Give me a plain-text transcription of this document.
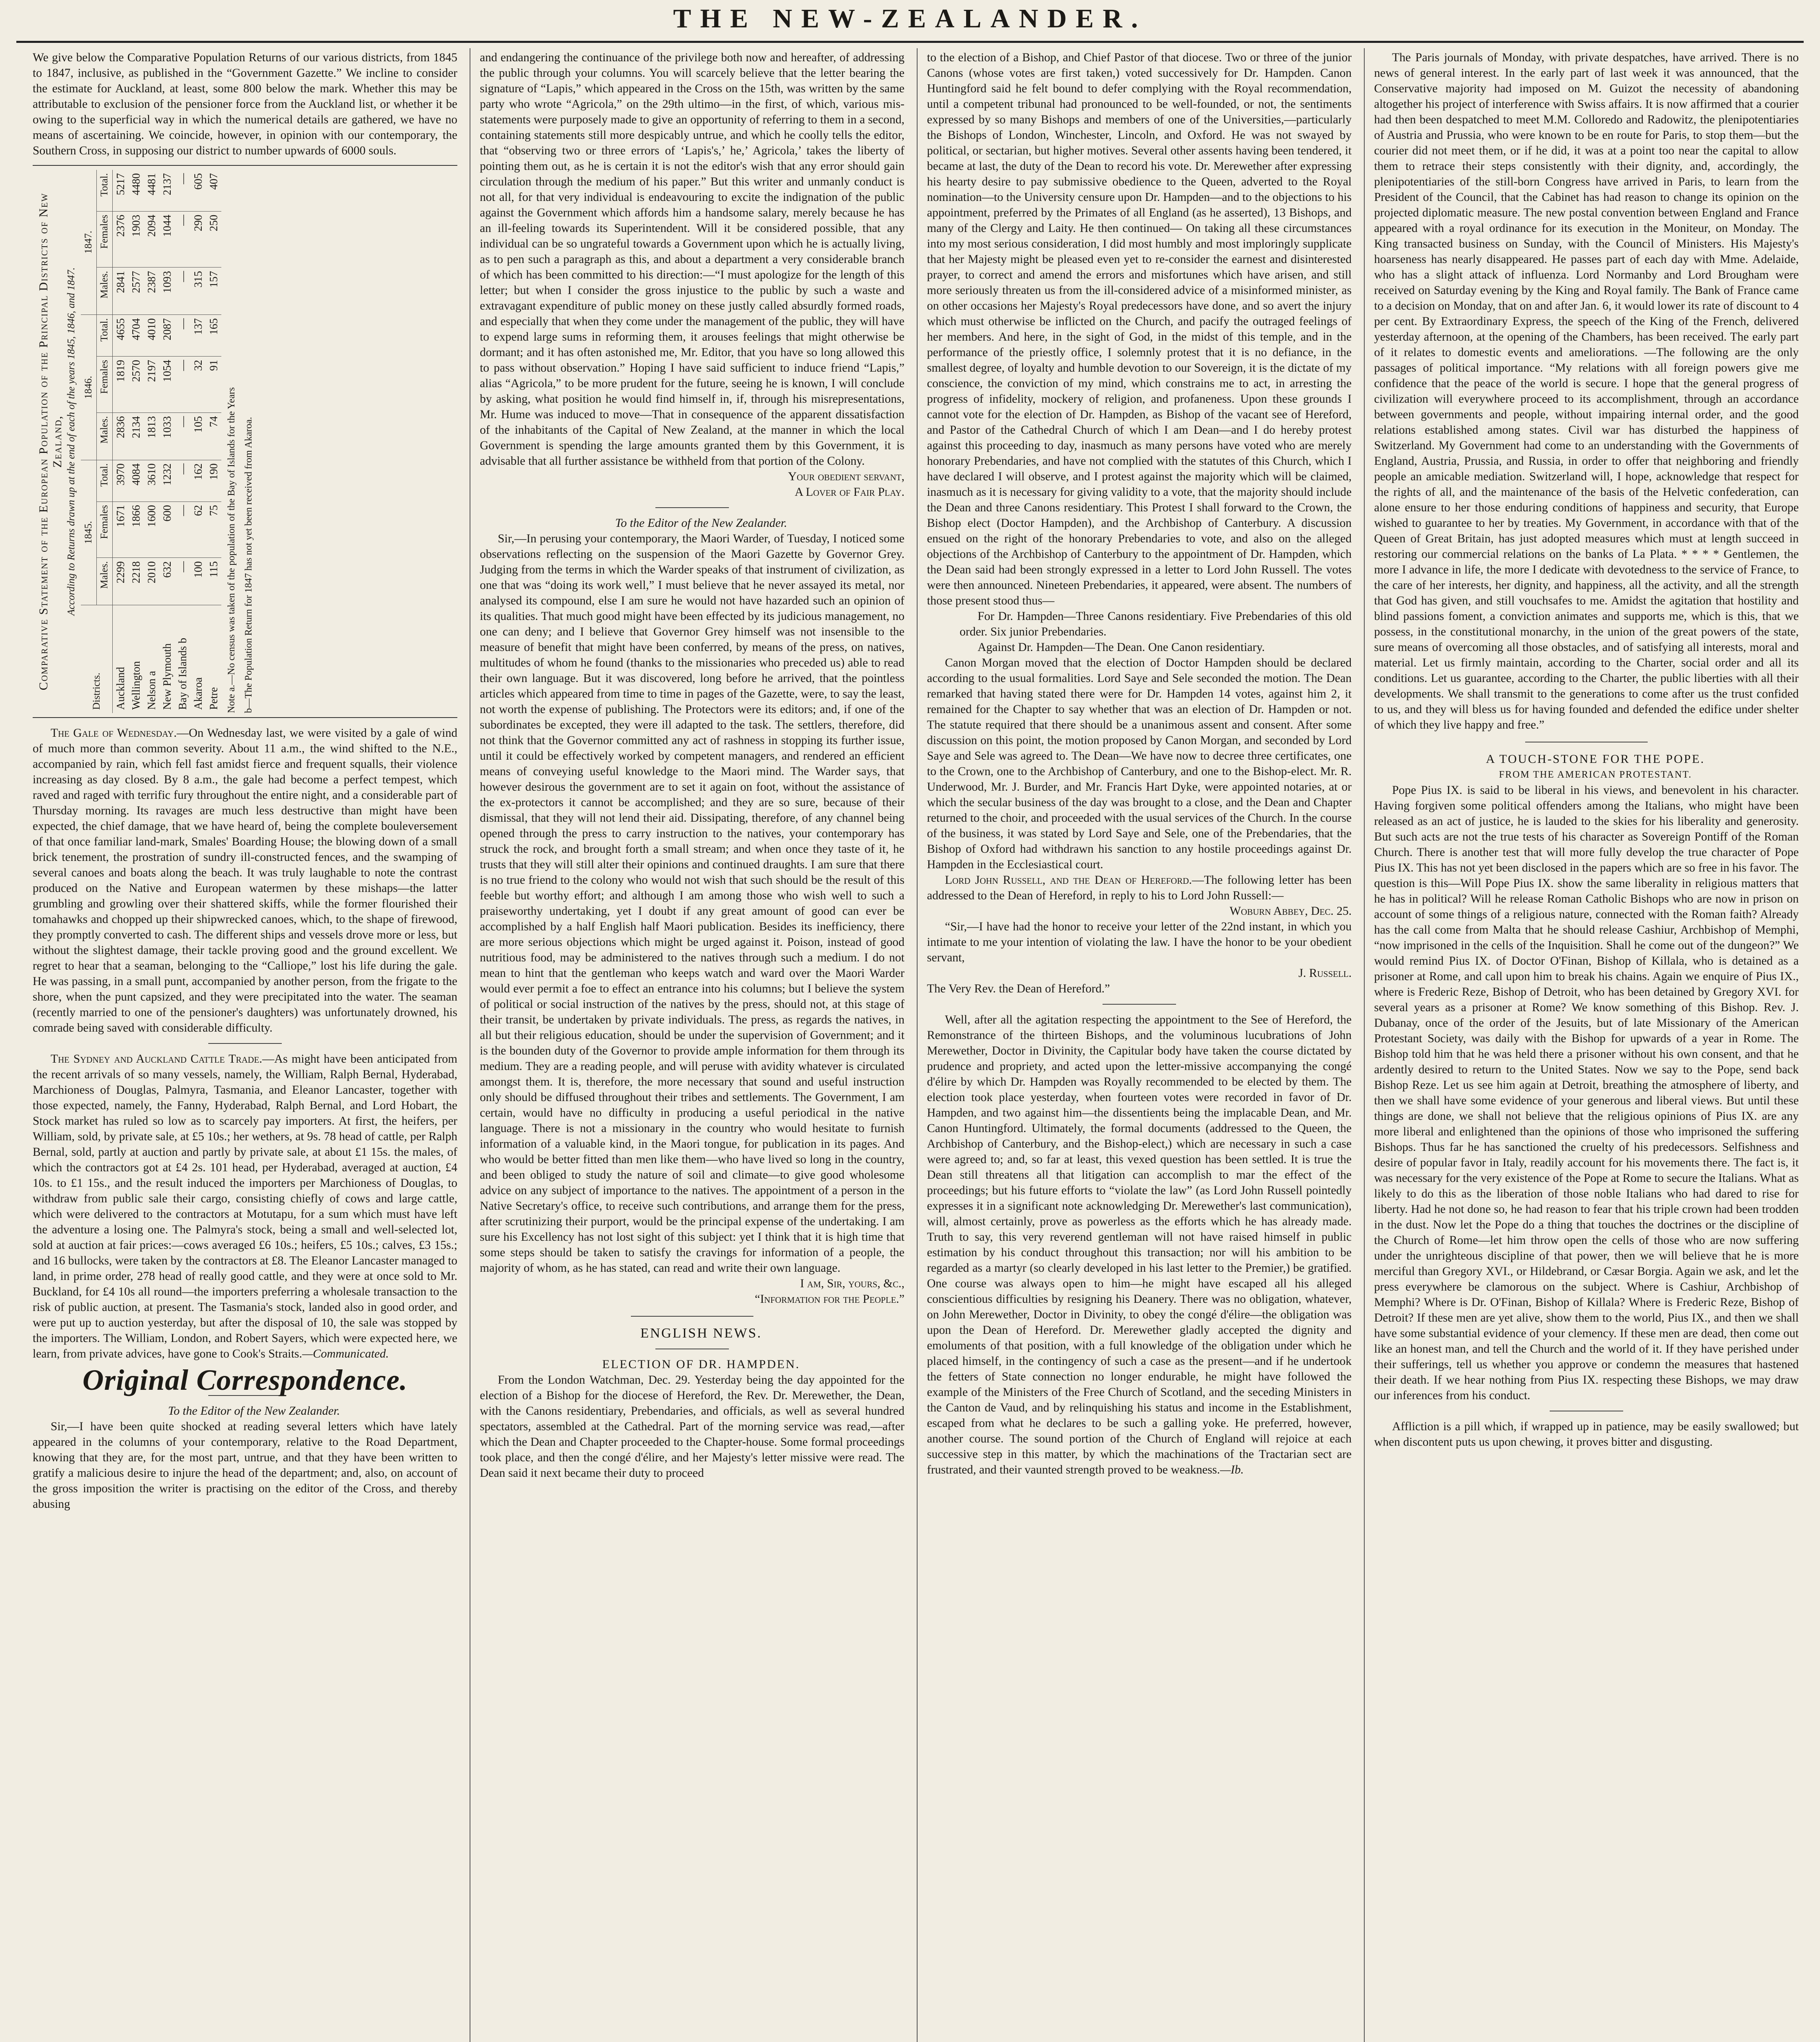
THE NEW-ZEALANDER.

We give below the Comparative Population Returns of our various districts, from 1845 to 1847, inclusive, as published in the “Government Gazette.” We incline to consider the estimate for Auckland, at least, some 800 below the mark. Whether this may be attributable to exclusion of the pensioner force from the Auckland list, or whether it be owing to the superficial way in which the numerical details are gathered, we have no means of ascertaining. We coincide, however, in opinion with our contemporary, the Southern Cross, in supposing our district to number upwards of 6000 souls.

Comparative Statement of the European Population of the Principal Districts of New Zealand, According to Returns drawn up at the end of each of the years 1845, 1846, and 1847.
Districts.	1845.			1846.			1847.		
	Males.	Females	Total.	Males.	Females	Total.	Males.	Females	Total.
Auckland	2299	1671	3970	2836	1819	4655	2841	2376	5217
Wellington	2218	1866	4084	2134	2570	4704	2577	1903	4480
Nelson a	2010	1600	3610	1813	2197	4010	2387	2094	4481
New Plymouth	632	600	1232	1033	1054	2087	1093	1044	2137
Bay of Islands b	—	—	—	—	—	—	—	—	—
Akaroa	100	62	162	105	32	137	315	290	605
Petre	115	75	190	74	91	165	157	250	407
Note a.—No census was taken of the population of the Bay of Islands for the Years b—The Population Return for 1847 has not yet been received from Akaroa.

The Gale of Wednesday.—On Wednesday last, we were visited by a gale of wind of much more than common severity. About 11 a.m., the wind shifted to the N.E., accompanied by rain, which fell fast amidst fierce and frequent squalls, their violence increasing as day closed. By 8 a.m., the gale had become a perfect tempest, which raved and raged with terrific fury throughout the entire night, and a considerable part of Thursday morning. Its ravages are much less destructive than might have been expected, the chief damage, that we have heard of, being the complete bouleversement of that once familiar land-mark, Smales' Boarding House; the blowing down of a small brick tenement, the prostration of sundry ill-constructed fences, and the swamping of several canoes and boats along the beach. It was truly laughable to note the contrast produced on the Native and European watermen by these mishaps—the latter grumbling and growling over their shattered skiffs, while the former flourished their tomahawks and chopped up their shipwrecked canoes, which, to the shape of firewood, they promptly converted to cash. The different ships and vessels drove more or less, but without the slightest damage, their tackle proving good and the ground excellent. We regret to hear that a seaman, belonging to the “Calliope,” lost his life during the gale. He was passing, in a small punt, accompanied by another person, from the frigate to the shore, when the punt capsized, and they were precipitated into the water. The seaman (recently married to one of the pensioner's daughters) was unfortunately drowned, his comrade being saved with considerable difficulty.

The Sydney and Auckland Cattle Trade.—As might have been anticipated from the recent arrivals of so many vessels, namely, the William, Ralph Bernal, Hyderabad, Marchioness of Douglas, Palmyra, Tasmania, and Eleanor Lancaster, together with those expected, namely, the Fanny, Hyderabad, Ralph Bernal, and Lord Hobart, the Stock market has ruled so low as to scarcely pay importers. At first, the heifers, per William, sold, by private sale, at £5 10s.; her wethers, at 9s. 78 head of cattle, per Ralph Bernal, sold, partly at auction and partly by private sale, at about £1 15s. the males, of which the contractors got at £4 2s. 101 head, per Hyderabad, averaged at auction, £4 10s. to £1 15s., and the result induced the importers per Marchioness of Douglas, to withdraw from public sale their cargo, consisting chiefly of cows and large cattle, which were delivered to the contractors at Motutapu, for a sum which must have left the adventure a losing one. The Palmyra's stock, being a small and well-selected lot, sold at auction at fair prices:—cows averaged £6 10s.; heifers, £5 10s.; calves, £3 15s.; and 16 bullocks, were taken by the contractors at £8. The Eleanor Lancaster managed to land, in prime order, 278 head of really good cattle, and they were at once sold to Mr. Buckland, for £4 10s all round—the importers preferring a wholesale transaction to the risk of public auction, at present. The Tasmania's stock, landed also in good order, and were put up to auction yesterday, but after the disposal of 10, the sale was stopped by the importers. The William, London, and Robert Sayers, which were expected here, we learn, from private advices, have gone to Cook's Straits.—Communicated.

Original Correspondence.

To the Editor of the New Zealander.

Sir,—I have been quite shocked at reading several letters which have lately appeared in the columns of your contemporary, relative to the Road Department, knowing that they are, for the most part, untrue, and that they have been written to gratify a malicious desire to injure the head of the department; and, also, on account of the gross imposition the writer is practising on the editor of the Cross, and thereby abusing

and endangering the continuance of the privilege both now and hereafter, of addressing the public through your columns. You will scarcely believe that the letter bearing the signature of “Lapis,” which appeared in the Cross on the 15th, was written by the same party who wrote “Agricola,” on the 29th ultimo—in the first, of which, various mis-statements were purposely made to give an opportunity of referring to them in a second, containing statements still more despicably untrue, and which he coolly tells the editor, that “observing two or three errors of ‘Lapis's,’ he,’ Agricola,’ takes the liberty of pointing them out, as he is certain it is not the editor's wish that any error should gain circulation through the medium of his paper.” But this writer and unmanly conduct is not all, for that very individual is endeavouring to excite the indignation of the public against the Government which affords him a handsome salary, merely because he has an ill-feeling towards its Superintendent. Will it be considered possible, that any individual can be so ungrateful towards a Government upon which he is actually living, as to pen such a paragraph as this, and about a department a very considerable branch of which has been committed to his direction:—“I must apologize for the length of this letter; but when I consider the gross injustice to the public by such a waste and extravagant expenditure of public money on these justly called absurdly formed roads, and especially that when they come under the management of the public, they will have to expend large sums in reforming them, it arouses feelings that might otherwise be dormant; and it has often astonished me, Mr. Editor, that you have so long allowed this to pass without observation.” Hoping I have said sufficient to induce friend “Lapis,” alias “Agricola,” to be more prudent for the future, seeing he is known, I will conclude by asking, what position he would find himself in, if, through his misrepresentations, Mr. Hume was induced to move—That in consequence of the apparent dissatisfaction of the inhabitants of the Capital of New Zealand, at the manner in which the local Government is spending the large amounts granted them by this Government, it is advisable that all further assistance be withheld from that portion of the Colony.

Your obedient servant,

A Lover of Fair Play.

To the Editor of the New Zealander.

Sir,—In perusing your contemporary, the Maori Warder, of Tuesday, I noticed some observations reflecting on the suspension of the Maori Gazette by Governor Grey. Judging from the terms in which the Warder speaks of that instrument of civilization, as one that was “doing its work well,” I must believe that he never assayed its metal, nor analysed its compound, else I am sure he would not have hazarded such an opinion of its qualities. That much good might have been effected by its judicious management, no one can deny; and I believe that Governor Grey himself was not insensible to the measure of benefit that might have been conferred, by means of the press, on natives, multitudes of whom he found (thanks to the missionaries who preceded us) able to read their own language. But it was discovered, long before he arrived, that the pointless articles which appeared from time to time in pages of the Gazette, were, to say the least, not worth the expense of publishing. The Protectors were its editors; and, if one of the subordinates be excepted, they were ill adapted to the task. The settlers, therefore, did not think that the Governor committed any act of rashness in stopping its further issue, until it could be effectively worked by competent managers, and rendered an efficient means of conveying useful knowledge to the Maori mind. The Warder says, that however desirous the government are to set it again on foot, without the assistance of the ex-protectors it cannot be accomplished; and they are so sure, because of their dismissal, that they will not lend their aid. Dissipating, therefore, of any channel being opened through the press to carry instruction to the natives, your contemporary has struck the rock, and brought forth a small stream; and when once they taste of it, he trusts that they will still alter their opinions and continued draughts. I am sure that there is no true friend to the colony who would not wish that such should be the result of this feeble but worthy effort; and although I am among those who wish well to such a praiseworthy undertaking, yet I doubt if any great amount of good can ever be accomplished by a half English half Maori publication. Besides its inefficiency, there are more serious objections which might be urged against it. Poison, instead of good nutritious food, may be administered to the natives through such a medium. I do not mean to hint that the gentleman who keeps watch and ward over the Maori Warder would ever permit a foe to effect an entrance into his columns; but I believe the system of political or social instruction of the natives by the press, should not, at this stage of their transit, be undertaken by private individuals. The press, as regards the natives, in all but their religious education, should be under the supervision of Government; and it is the bounden duty of the Governor to provide ample information for them through its medium. They are a reading people, and will peruse with avidity whatever is circulated amongst them. It is, therefore, the more necessary that sound and useful instruction only should be diffused throughout their tribes and settlements. The Government, I am certain, would have no difficulty in producing a useful periodical in the native language. There is not a missionary in the country who would hesitate to furnish information of a valuable kind, in the Maori tongue, for publication in its pages. And who would be better fitted than men like them—who have lived so long in the country, and been obliged to study the nature of soil and climate—to give good wholesome advice on any subject of importance to the natives. The appointment of a person in the Native Secretary's office, to receive such contributions, and arrange them for the press, after scrutinizing their purport, would be the principal expense of the undertaking. I am sure his Excellency has not lost sight of this subject: yet I think that it is high time that some steps should be taken to satisfy the cravings for information of a people, the majority of whom, as he has stated, can read and write their own language.

I am, Sir, yours, &c.,

“Information for the People.”

ENGLISH NEWS.

ELECTION OF DR. HAMPDEN.

From the London Watchman, Dec. 29. Yesterday being the day appointed for the election of a Bishop for the diocese of Hereford, the Rev. Dr. Merewether, the Dean, with the Canons residentiary, Prebendaries, and officials, as well as several hundred spectators, assembled at the Cathedral. Part of the morning service was read,—after which the Dean and Chapter proceeded to the Chapter-house. Some formal proceedings took place, and then the congé d'élire, and her Majesty's letter missive were read. The Dean said it next became their duty to proceed

to the election of a Bishop, and Chief Pastor of that diocese. Two or three of the junior Canons (whose votes are first taken,) voted successively for Dr. Hampden. Canon Huntingford said he felt bound to defer complying with the Royal recommendation, until a competent tribunal had pronounced to be well-founded, or not, the sentiments expressed by so many Bishops and members of one of the Universities,—particularly the Bishops of London, Winchester, Lincoln, and Oxford. He was not swayed by political, or sectarian, but higher motives. Several other assents having been tendered, it became at last, the duty of the Dean to record his vote. Dr. Merewether after expressing his hearty desire to pay submissive obedience to the Queen, adverted to the Royal nomination—to the University censure upon Dr. Hampden—and to the objections to his appointment, preferred by the Primates of all England (as he asserted), 13 Bishops, and many of the Clergy and Laity. He then continued— On taking all these circumstances into my most serious consideration, I did most humbly and most imploringly supplicate that her Majesty might be pleased even yet to re-consider the earnest and disinterested prayer, to correct and amend the errors and misfortunes which have arisen, and still more seriously threaten us from the ill-considered advice of a misinformed minister, as on other occasions her Majesty's Royal predecessors have done, and so avert the injury which must otherwise be inflicted on the Church, and pacify the outraged feelings of her members. And here, in the sight of God, in the midst of this temple, and in the performance of the priestly office, I solemnly protest that it is no defiance, in the smallest degree, of loyalty and humble devotion to our Sovereign, it is the dictate of my conscience, the conviction of my mind, which constrains me to act, in arresting the progress of infidelity, mockery of religion, and profaneness. Upon these grounds I cannot vote for the election of Dr. Hampden, as Bishop of the vacant see of Hereford, and Pastor of the Cathedral Church of which I am Dean—and I do hereby protest against this proceeding to day, inasmuch as many persons have voted who are merely honorary Prebendaries, and have not complied with the statutes of this Church, which I have declared I will observe, and I protest against the majority which will be claimed, inasmuch as it is necessary for giving validity to a vote, that the majority should include the Dean and three Canons residentiary. This Protest I shall forward to the Crown, the Bishop elect (Doctor Hampden), and the Archbishop of Canterbury. A discussion ensued on the right of the honorary Prebendaries to vote, and also on the alleged objections of the Archbishop of Canterbury to the appointment of Dr. Hampden, which the Dean said had been strongly expressed in a letter to Lord John Russell. The votes were then announced. Nineteen Prebendaries, it appeared, were absent. The numbers of those present stood thus—

For Dr. Hampden—Three Canons residentiary. Five Prebendaries of this old order. Six junior Prebendaries.

Against Dr. Hampden—The Dean. One Canon residentiary.

Canon Morgan moved that the election of Doctor Hampden should be declared according to the usual formalities. Lord Saye and Sele seconded the motion. The Dean remarked that having stated there were for Dr. Hampden 14 votes, against him 2, it remained for the Chapter to say whether that was an election of Dr. Hampden or not. The statute required that there should be a unanimous assent and consent. After some discussion on this point, the motion proposed by Canon Morgan, and seconded by Lord Saye and Sele was agreed to. The Dean—We have now to decree three certificates, one to the Crown, one to the Archbishop of Canterbury, and one to the Bishop-elect. Mr. R. Underwood, Mr. J. Burder, and Mr. Francis Hart Dyke, were appointed notaries, at or which the secular business of the day was brought to a close, and the Dean and Chapter returned to the choir, and proceeded with the usual services of the Church. In the course of the business, it was stated by Lord Saye and Sele, one of the Prebendaries, that the Bishop of Oxford had withdrawn his sanction to any hostile proceedings against Dr. Hampden in the Ecclesiastical court.

Lord John Russell, and the Dean of Hereford.—The following letter has been addressed to the Dean of Hereford, in reply to his to Lord John Russell:—

Woburn Abbey, Dec. 25.

“Sir,—I have had the honor to receive your letter of the 22nd instant, in which you intimate to me your intention of violating the law. I have the honor to be your obedient servant,

J. Russell.

The Very Rev. the Dean of Hereford.”

Well, after all the agitation respecting the appointment to the See of Hereford, the Remonstrance of the thirteen Bishops, and the voluminous lucubrations of John Merewether, Doctor in Divinity, the Capitular body have taken the course dictated by prudence and propriety, and acted upon the letter-missive accompanying the congé d'élire by which Dr. Hampden was Royally recommended to be elected by them. The election took place yesterday, when fourteen votes were recorded in favor of Dr. Hampden, and two against him—the dissentients being the implacable Dean, and Mr. Canon Huntingford. Ultimately, the formal documents (addressed to the Queen, the Archbishop of Canterbury, and the Bishop-elect,) which are necessary in such a case were agreed to; and, so far at least, this vexed question has been settled. It is true the Dean still threatens all that litigation can accomplish to mar the effect of the proceedings; but his future efforts to “violate the law” (as Lord John Russell pointedly expresses it in a significant note acknowledging Dr. Merewether's last communication), will, almost certainly, prove as powerless as the efforts which he has already made. Truth to say, this very reverend gentleman will not have raised himself in public estimation by his conduct throughout this transaction; nor will his ambition to be regarded as a martyr (so clearly developed in his last letter to the Premier,) be gratified. One course was always open to him—he might have escaped all his alleged conscientious difficulties by resigning his Deanery. There was no obligation, whatever, on John Merewether, Doctor in Divinity, to obey the congé d'élire—the obligation was upon the Dean of Hereford. Dr. Merewether gladly accepted the dignity and emoluments of that position, with a full knowledge of the obligation under which he placed himself, in the contingency of such a case as the present—and if he undertook the fetters of State connection no longer endurable, he might have followed the example of the Ministers of the Free Church of Scotland, and the seceding Ministers in the Canton de Vaud, and by relinquishing his status and income in the Establishment, escaped from what he declares to be such a galling yoke. He preferred, however, another course. The sound portion of the Church of England will rejoice at each successive step in this matter, by which the machinations of the Tractarian sect are frustrated, and their vaunted strength proved to be weakness.—Ib.

The Paris journals of Monday, with private despatches, have arrived. There is no news of general interest. In the early part of last week it was announced, that the Conservative majority had imposed on M. Guizot the necessity of abandoning altogether his project of interference with Swiss affairs. It is now affirmed that a courier had then been despatched to meet M.M. Colloredo and Radowitz, the plenipotentiaries of Austria and Prussia, who were known to be en route for Paris, to stop them—but the courier did not meet them, or if he did, it was at a point too near the capital to allow them to retrace their steps consistently with their dignity, and, accordingly, the plenipotentiaries of the still-born Congress have arrived in Paris, to learn from the President of the Council, that the Cabinet has had reason to change its opinion on the projected diplomatic measure. The new postal convention between England and France appeared with a royal ordinance for its execution in the Moniteur, on Monday. The King transacted business on Sunday, with the Council of Ministers. His Majesty's hoarseness has nearly disappeared. He passes part of each day with Mme. Adelaide, who has a slight attack of influenza. Lord Normanby and Lord Brougham were received on Saturday evening by the King and Royal family. The Bank of France came to a decision on Monday, that on and after Jan. 6, it would lower its rate of discount to 4 per cent. By Extraordinary Express, the speech of the King of the French, delivered yesterday afternoon, at the opening of the Chambers, has been received. The early part of it relates to domestic events and ameliorations. —The following are the only passages of political importance. “My relations with all foreign powers give me confidence that the peace of the world is secure. I hope that the general progress of civilization will everywhere proceed to its accomplishment, through an accordance between governments and people, without impairing internal order, and the good relations established among states. Civil war has disturbed the happiness of Switzerland. My Government had come to an understanding with the Governments of England, Austria, Prussia, and Russia, in order to offer that neighboring and friendly people an amicable mediation. Switzerland will, I hope, acknowledge that respect for the rights of all, and the maintenance of the basis of the Helvetic confederation, can alone ensure to her those enduring conditions of happiness and security, that Europe wished to guarantee to her by treaties. My Government, in accordance with that of the Queen of Great Britain, has just adopted measures which must at length succeed in restoring our commercial relations on the banks of La Plata. * * * * Gentlemen, the more I advance in life, the more I dedicate with devotedness to the service of France, to the care of her interests, her dignity, and happiness, all the activity, and all the strength that God has given, and still vouchsafes to me. Amidst the agitation that hostility and blind passions foment, a conviction animates and supports me, which is this, that we possess, in the constitutional monarchy, in the union of the great powers of the state, sure means of overcoming all those obstacles, and of satisfying all interests, moral and material. Let us firmly maintain, according to the Charter, social order and all its conditions. Let us guarantee, according to the Charter, the public liberties with all their developments. We shall transmit to the generations to come after us the trust confided to us, and they will bless us for having founded and defended the edifice under shelter of which they live happy and free.”

A TOUCH-STONE FOR THE POPE.

FROM THE AMERICAN PROTESTANT.

Pope Pius IX. is said to be liberal in his views, and benevolent in his character. Having forgiven some political offenders among the Italians, who might have been released as an act of justice, he is lauded to the skies for his liberality and generosity. But such acts are not the true tests of his character as Sovereign Pontiff of the Roman Church. There is another test that will more fully develop the true character of Pope Pius IX. This has not yet been disclosed in the papers which are so free in his favor. The question is this—Will Pope Pius IX. show the same liberality in religious matters that he has in political? Will he release Roman Catholic Bishops who are now in prison on account of some things of a religious nature, connected with the Roman faith? Already has the call come from Malta that he should release Cashiur, Archbishop of Memphi, “now imprisoned in the cells of the Inquisition. Shall he come out of the dungeon?” We would remind Pius IX. of Doctor O'Finan, Bishop of Killala, who is detained as a prisoner at Rome, and call upon him to break his chains. Again we enquire of Pius IX., where is Frederic Reze, Bishop of Detroit, who has been detained by Gregory XVI. for several years as a prisoner at Rome? We know something of this Bishop. Rev. J. Dubanay, once of the order of the Jesuits, but of late Missionary of the American Protestant Society, was daily with the Bishop for upwards of a year in Rome. The Bishop told him that he was held there a prisoner without his own consent, and that he ardently desired to return to the United States. Now we say to the Pope, send back Bishop Reze. Let us see him again at Detroit, breathing the atmosphere of liberty, and then we shall have some evidence of your generous and liberal views. But until these things are done, we shall not believe that the religious opinions of Pius IX. are any more liberal and enlightened than the opinions of those who imprisoned the suffering Bishops. Thus far he has sanctioned the cruelty of his predecessors. Selfishness and desire of popular favor in Italy, readily account for his movements there. The fact is, it was necessary for the very existence of the Pope at Rome to secure the Italians. What as likely to do this as the liberation of those noble Italians who had dared to rise for liberty. Had he not done so, he had reason to fear that his triple crown had been trodden in the dust. Now let the Pope do a thing that touches the doctrines or the discipline of the Church of Rome—let him throw open the cells of those who are now suffering under the unrighteous discipline of that power, then we will believe that he is more merciful than Gregory XVI., or Hildebrand, or Cæsar Borgia. Again we ask, and let the press everywhere be clamorous on the subject. Where is Cashiur, Archbishop of Memphi? Where is Dr. O'Finan, Bishop of Killala? Where is Frederic Reze, Bishop of Detroit? If these men are yet alive, show them to the world, Pius IX., and then we shall have some substantial evidence of your clemency. If these men are dead, then come out like an honest man, and tell the Church and the world of it. If they have perished under their sufferings, tell us whether you approve or condemn the measures that hastened their death. If we hear nothing from Pius IX. respecting these Bishops, we may draw our inferences from his conduct.

Affliction is a pill which, if wrapped up in patience, may be easily swallowed; but when discontent puts us upon chewing, it proves bitter and disgusting.
